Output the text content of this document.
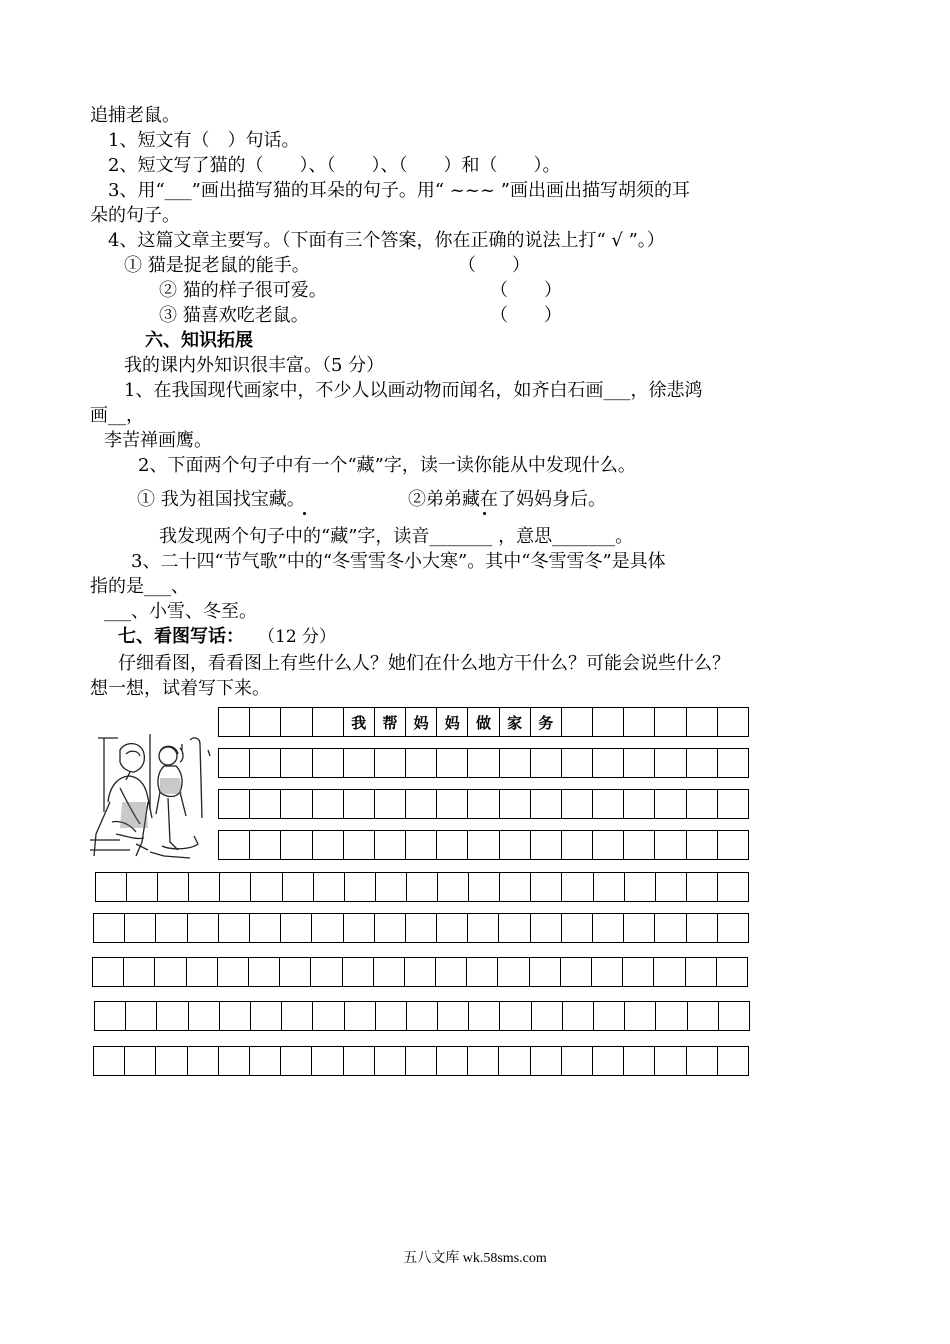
追捕老鼠。
1、短文有（　）句话。
2、短文写了猫的（　　）、（　　）、（　　）和（　　）。
3、用“___”画出描写猫的耳朵的句子。用“ ~~~ ”画出画出描写胡须的耳
朵的句子。
4、这篇文章主要写。（下面有三个答案，你在正确的说法上打“ √ ”。）
① 猫是捉老鼠的能手。	（　　）
② 猫的样子很可爱。	（　　）
③ 猫喜欢吃老鼠。	（　　）
六、知识拓展
我的课内外知识很丰富。（5 分）
1、在我国现代画家中，不少人以画动物而闻名，如齐白石画___，徐悲鸿
画__，
李苦禅画鹰。
2、下面两个句子中有一个“藏”字，读一读你能从中发现什么。
① 我为祖国找宝藏。	②弟弟藏在了妈妈身后。
我发现两个句子中的“藏”字，读音_______ ，意思_______。
3、二十四“节气歌”中的“冬雪雪冬小大寒”。其中“冬雪雪冬”是具体
指的是___、
___、小雪、冬至。
七、看图写话： （12 分）
仔细看图，看看图上有些什么人？她们在什么地方干什么？可能会说些什么？
想一想，试着写下来。
我	帮	妈	妈	做	家	务
五八文库 wk.58sms.com
